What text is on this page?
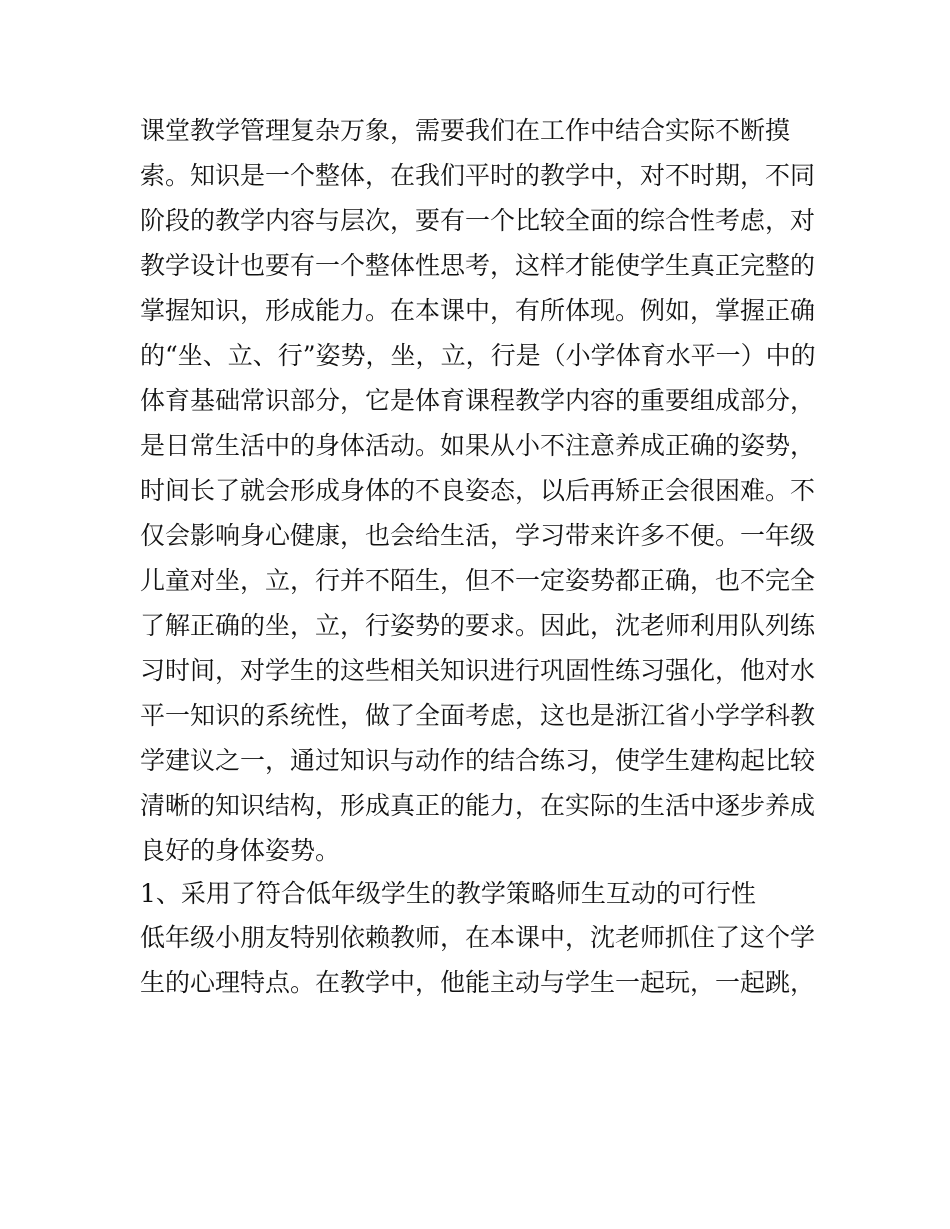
课堂教学管理复杂万象，需要我们在工作中结合实际不断摸
索。知识是一个整体，在我们平时的教学中，对不时期，不同
阶段的教学内容与层次，要有一个比较全面的综合性考虑，对
教学设计也要有一个整体性思考，这样才能使学生真正完整的
掌握知识，形成能力。在本课中，有所体现。例如，掌握正确
的“坐、立、行”姿势，坐，立，行是（小学体育水平一）中的
体育基础常识部分，它是体育课程教学内容的重要组成部分，
是日常生活中的身体活动。如果从小不注意养成正确的姿势，
时间长了就会形成身体的不良姿态，以后再矫正会很困难。不
仅会影响身心健康，也会给生活，学习带来许多不便。一年级
儿童对坐，立，行并不陌生，但不一定姿势都正确，也不完全
了解正确的坐，立，行姿势的要求。因此，沈老师利用队列练
习时间，对学生的这些相关知识进行巩固性练习强化，他对水
平一知识的系统性，做了全面考虑，这也是浙江省小学学科教
学建议之一，通过知识与动作的结合练习，使学生建构起比较
清晰的知识结构，形成真正的能力，在实际的生活中逐步养成
良好的身体姿势。
1、采用了符合低年级学生的教学策略师生互动的可行性
低年级小朋友特别依赖教师，在本课中，沈老师抓住了这个学
生的心理特点。在教学中，他能主动与学生一起玩，一起跳，
